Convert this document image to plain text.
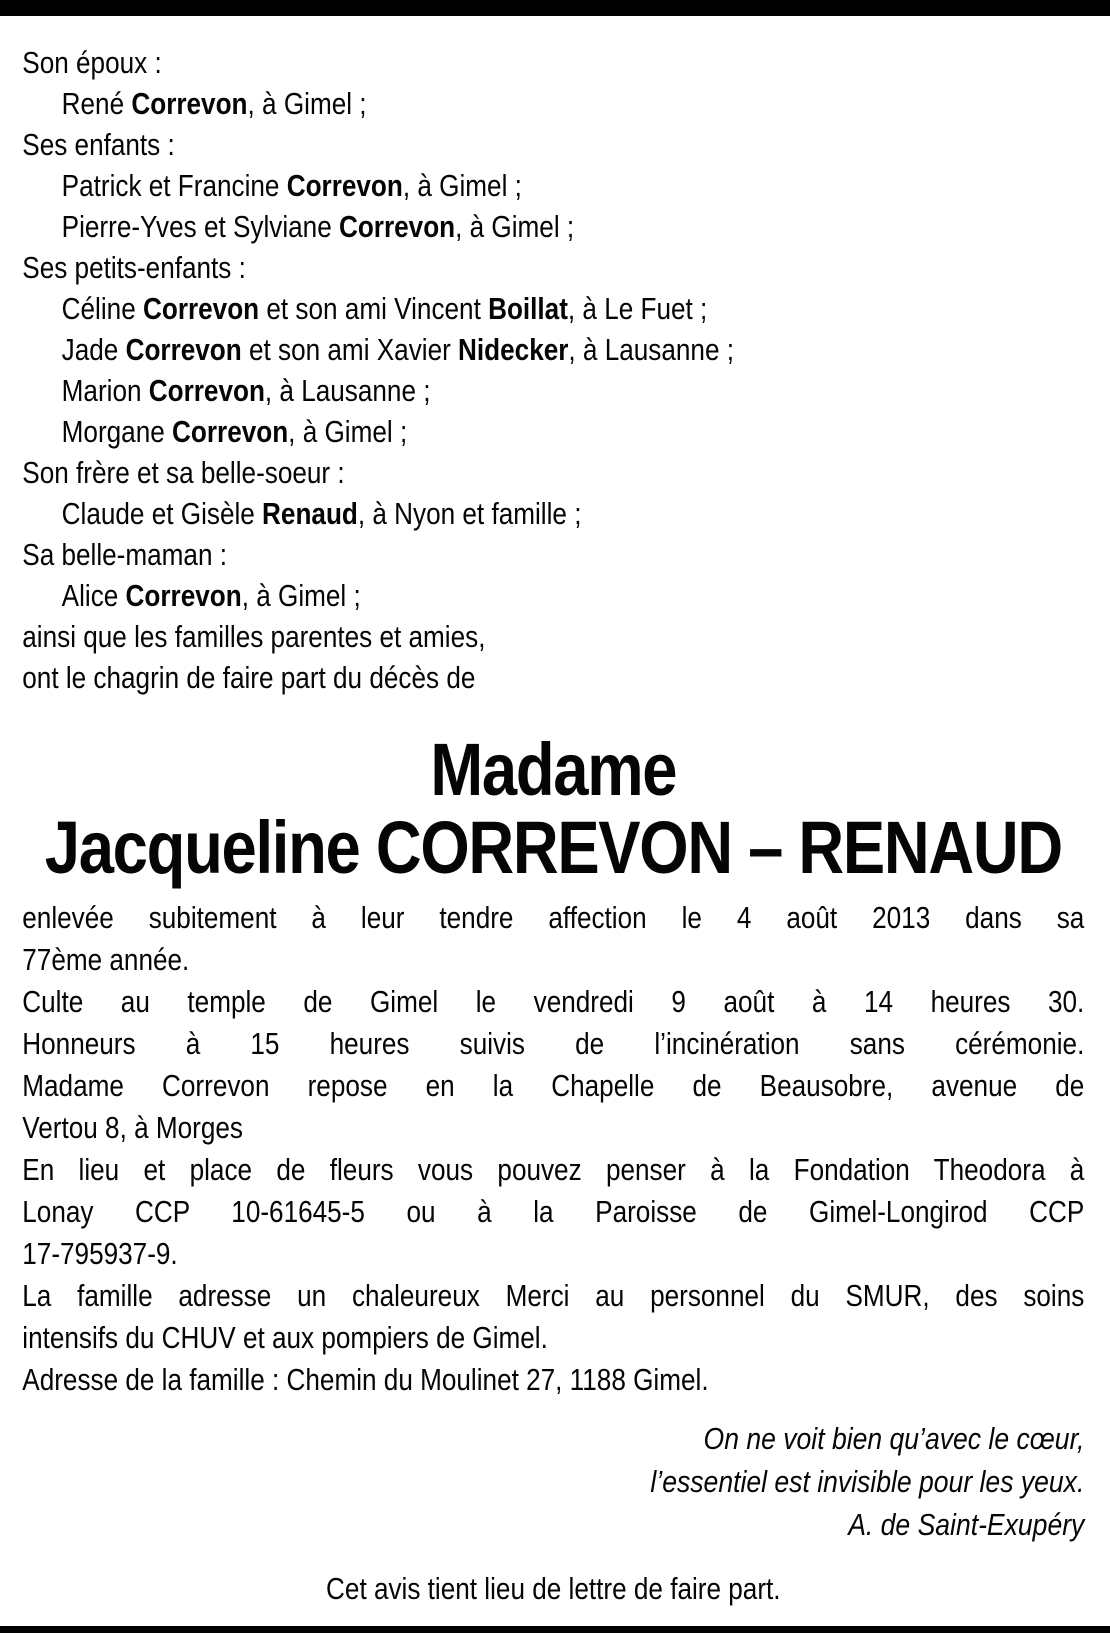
Son époux :
René Correvon, à Gimel ;
Ses enfants :
Patrick et Francine Correvon, à Gimel ;
Pierre-Yves et Sylviane Correvon, à Gimel ;
Ses petits-enfants :
Céline Correvon et son ami Vincent Boillat, à Le Fuet ;
Jade Correvon et son ami Xavier Nidecker, à Lausanne ;
Marion Correvon, à Lausanne ;
Morgane Correvon, à Gimel ;
Son frère et sa belle-soeur :
Claude et Gisèle Renaud, à Nyon et famille ;
Sa belle-maman :
Alice Correvon, à Gimel ;
ainsi que les familles parentes et amies,
ont le chagrin de faire part du décès de
Madame
Jacqueline CORREVON – RENAUD
enlevée subitement à leur tendre affection le 4 août 2013 dans sa
77ème année.
Culte au temple de Gimel le vendredi 9 août à 14 heures 30.
Honneurs à 15 heures suivis de l’incinération sans cérémonie.
Madame Correvon repose en la Chapelle de Beausobre, avenue de
Vertou 8, à Morges
En lieu et place de fleurs vous pouvez penser à la Fondation Theodora à
Lonay CCP 10-61645-5 ou à la Paroisse de Gimel-Longirod CCP
17-795937-9.
La famille adresse un chaleureux Merci au personnel du SMUR, des soins
intensifs du CHUV et aux pompiers de Gimel.
Adresse de la famille : Chemin du Moulinet 27, 1188 Gimel.
On ne voit bien qu’avec le cœur,
l’essentiel est invisible pour les yeux.
A. de Saint-Exupéry
Cet avis tient lieu de lettre de faire part.
